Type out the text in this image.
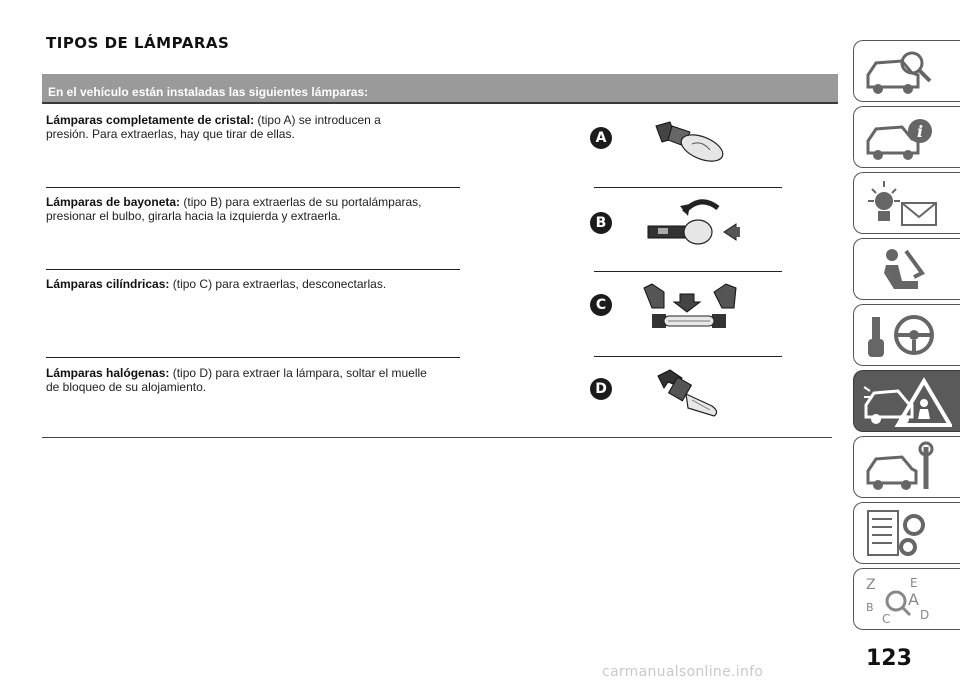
TIPOS DE LÁMPARAS
En el vehículo están instaladas las siguientes lámparas:
Lámparas completamente de cristal: (tipo A) se introducen a
presión. Para extraerlas, hay que tirar de ellas.	A
Lámparas de bayoneta: (tipo B) para extraerlas de su portalámparas,
presionar el bulbo, girarla hacia la izquierda y extraerla.	B
Lámparas cilíndricas: (tipo C) para extraerlas, desconectarlas.
C
Lámparas halógenas: (tipo D) para extraer la lámpara, soltar el muelle
de bloqueo de su alojamiento.	D
i
Z	E
B A
C D
123
carmanualsonline.info
